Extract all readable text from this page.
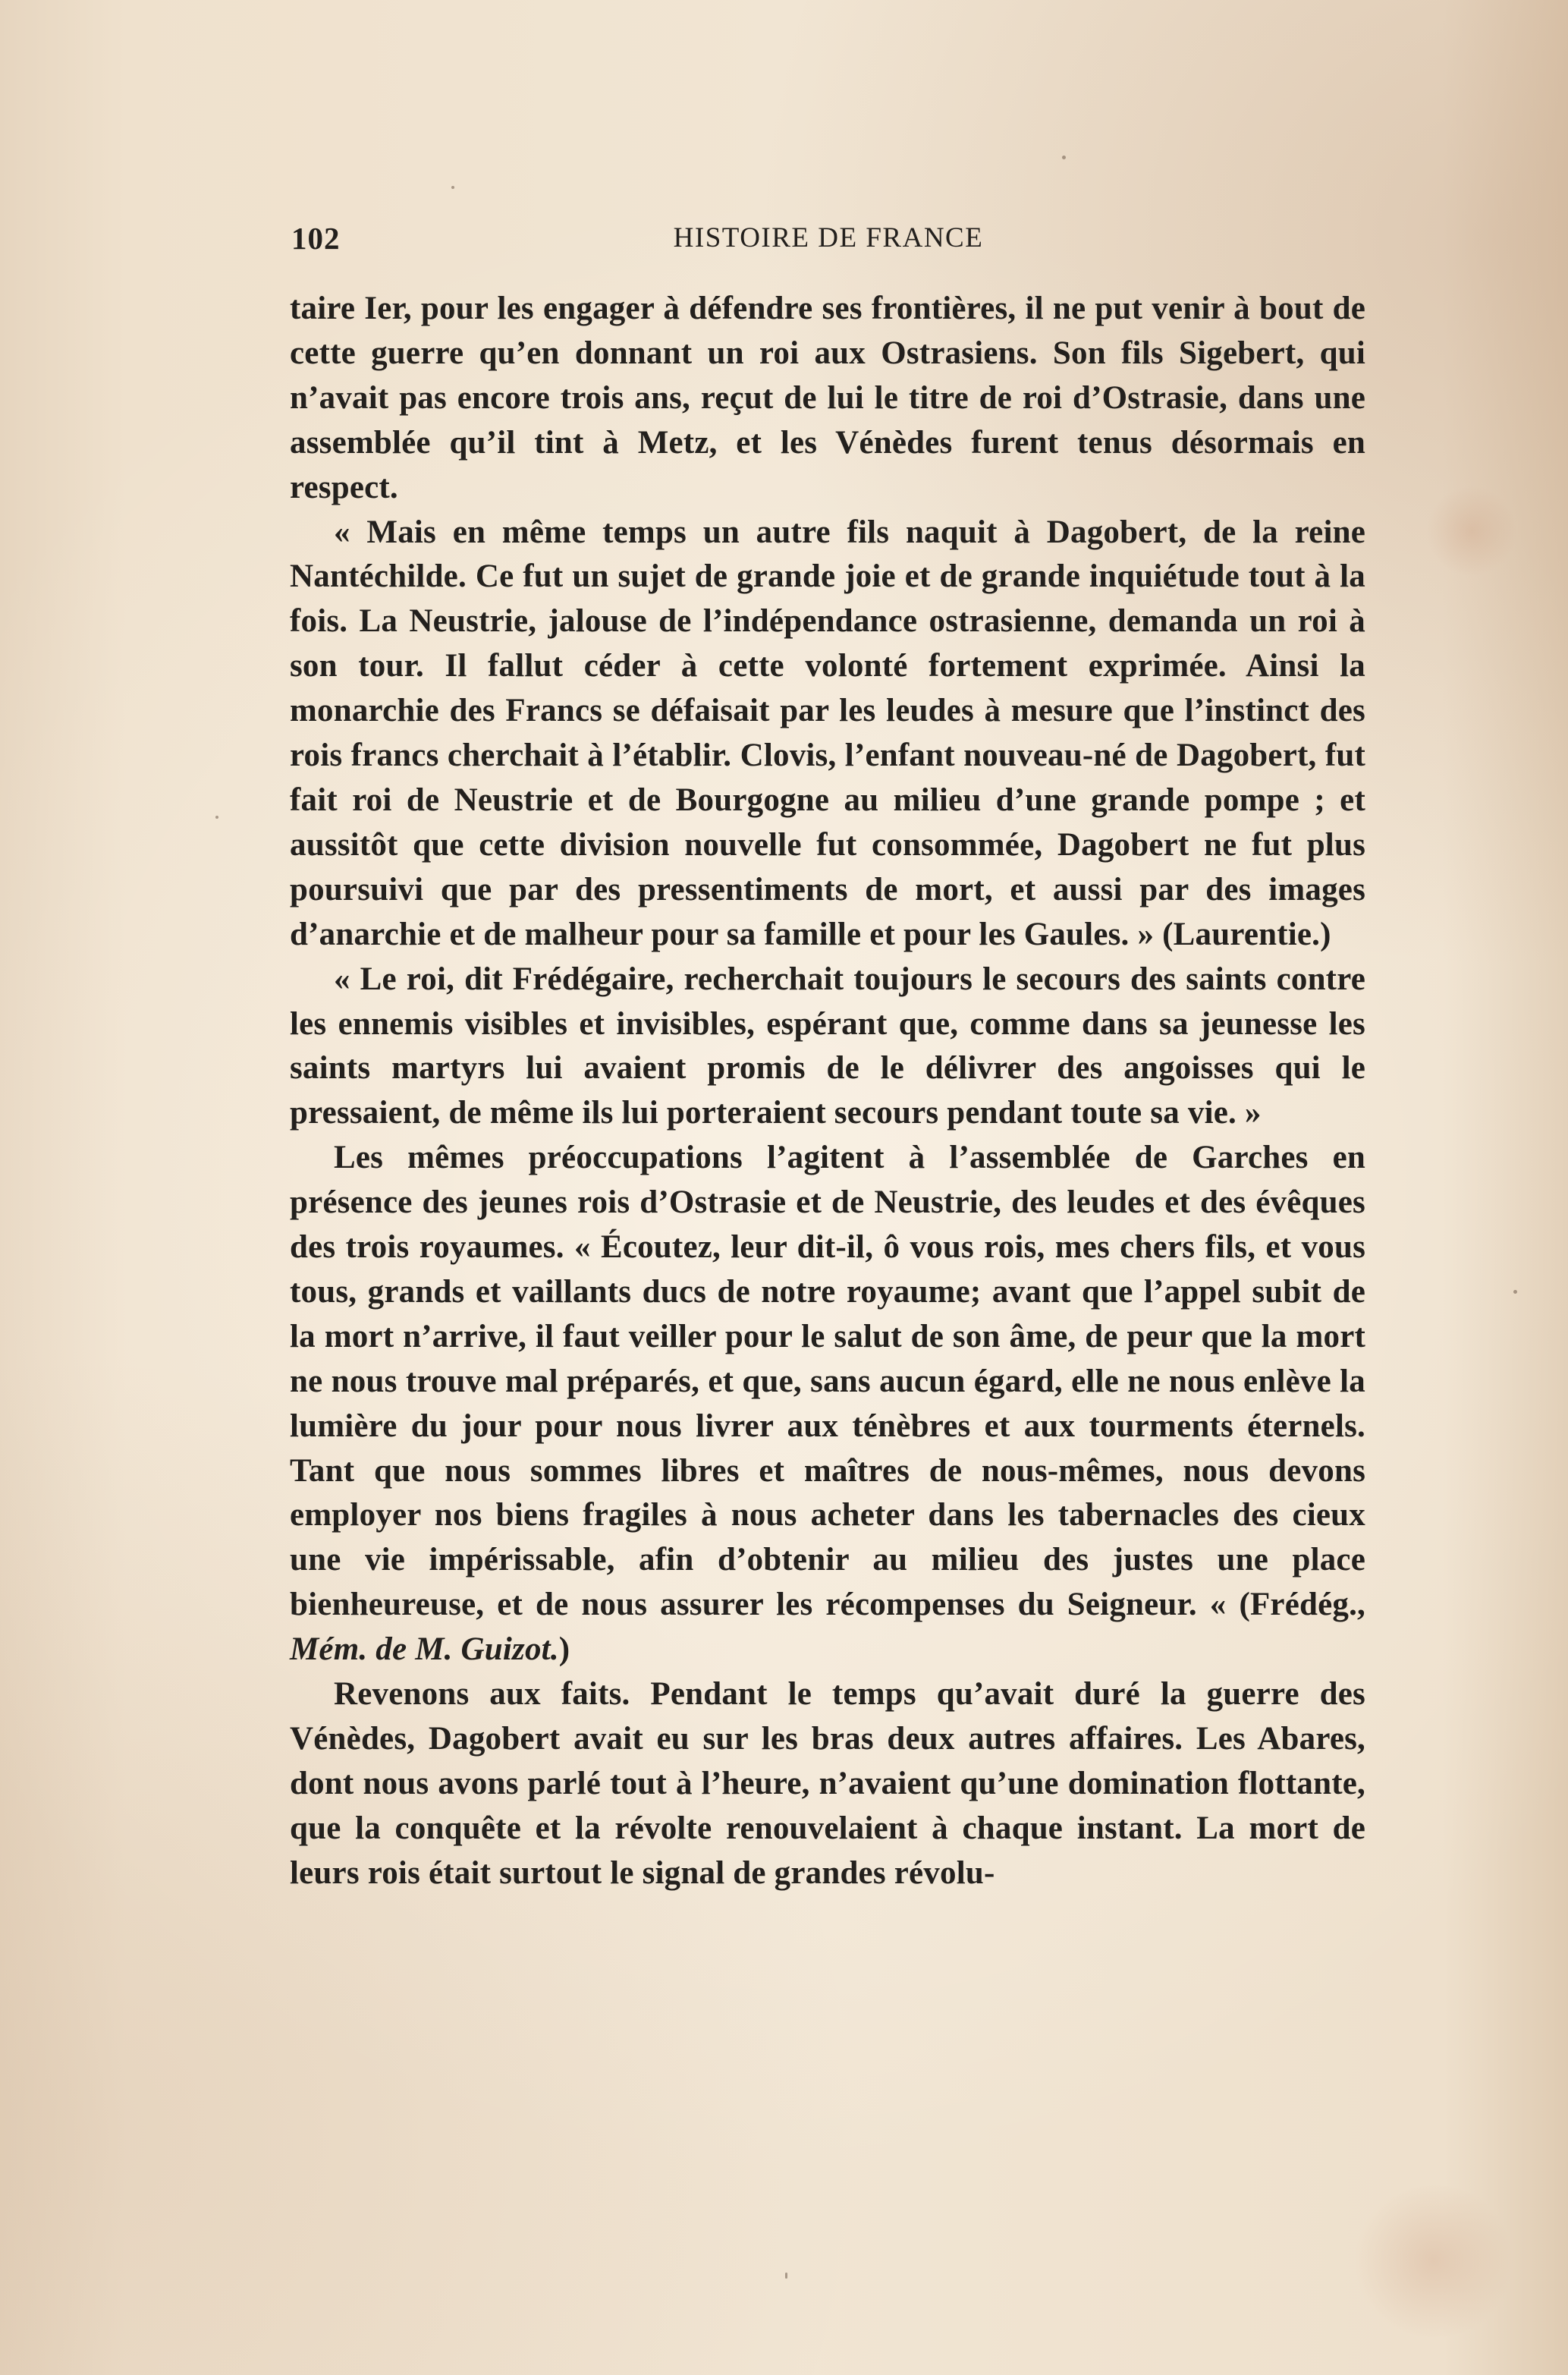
102	HISTOIRE DE FRANCE

taire Ier, pour les engager à défendre ses frontières, il ne put venir à bout de cette guerre qu’en donnant un roi aux Ostrasiens. Son fils Sigebert, qui n’avait pas encore trois ans, reçut de lui le titre de roi d’Ostrasie, dans une assemblée qu’il tint à Metz, et les Vénèdes furent tenus désormais en respect.

« Mais en même temps un autre fils naquit à Dagobert, de la reine Nantéchilde. Ce fut un sujet de grande joie et de grande inquiétude tout à la fois. La Neustrie, jalouse de l’indépendance ostrasienne, demanda un roi à son tour. Il fallut céder à cette volonté fortement exprimée. Ainsi la monarchie des Francs se défaisait par les leudes à mesure que l’instinct des rois francs cherchait à l’établir. Clovis, l’enfant nouveau-né de Dagobert, fut fait roi de Neustrie et de Bourgogne au milieu d’une grande pompe ; et aussitôt que cette division nouvelle fut consommée, Dagobert ne fut plus poursuivi que par des pressentiments de mort, et aussi par des images d’anarchie et de malheur pour sa famille et pour les Gaules. » (Laurentie.)

« Le roi, dit Frédégaire, recherchait toujours le secours des saints contre les ennemis visibles et invisibles, espérant que, comme dans sa jeunesse les saints martyrs lui avaient promis de le délivrer des angoisses qui le pressaient, de même ils lui porteraient secours pendant toute sa vie. »

Les mêmes préoccupations l’agitent à l’assemblée de Garches en présence des jeunes rois d’Ostrasie et de Neustrie, des leudes et des évêques des trois royaumes. « Écoutez, leur dit-il, ô vous rois, mes chers fils, et vous tous, grands et vaillants ducs de notre royaume; avant que l’appel subit de la mort n’arrive, il faut veiller pour le salut de son âme, de peur que la mort ne nous trouve mal préparés, et que, sans aucun égard, elle ne nous enlève la lumière du jour pour nous livrer aux ténèbres et aux tourments éternels. Tant que nous sommes libres et maîtres de nous-mêmes, nous devons employer nos biens fragiles à nous acheter dans les tabernacles des cieux une vie impérissable, afin d’obtenir au milieu des justes une place bienheureuse, et de nous assurer les récompenses du Seigneur. « (Frédég., Mém. de M. Guizot.)

Revenons aux faits. Pendant le temps qu’avait duré la guerre des Vénèdes, Dagobert avait eu sur les bras deux autres affaires. Les Abares, dont nous avons parlé tout à l’heure, n’avaient qu’une domination flottante, que la conquête et la révolte renouvelaient à chaque instant. La mort de leurs rois était surtout le signal de grandes révolu-
